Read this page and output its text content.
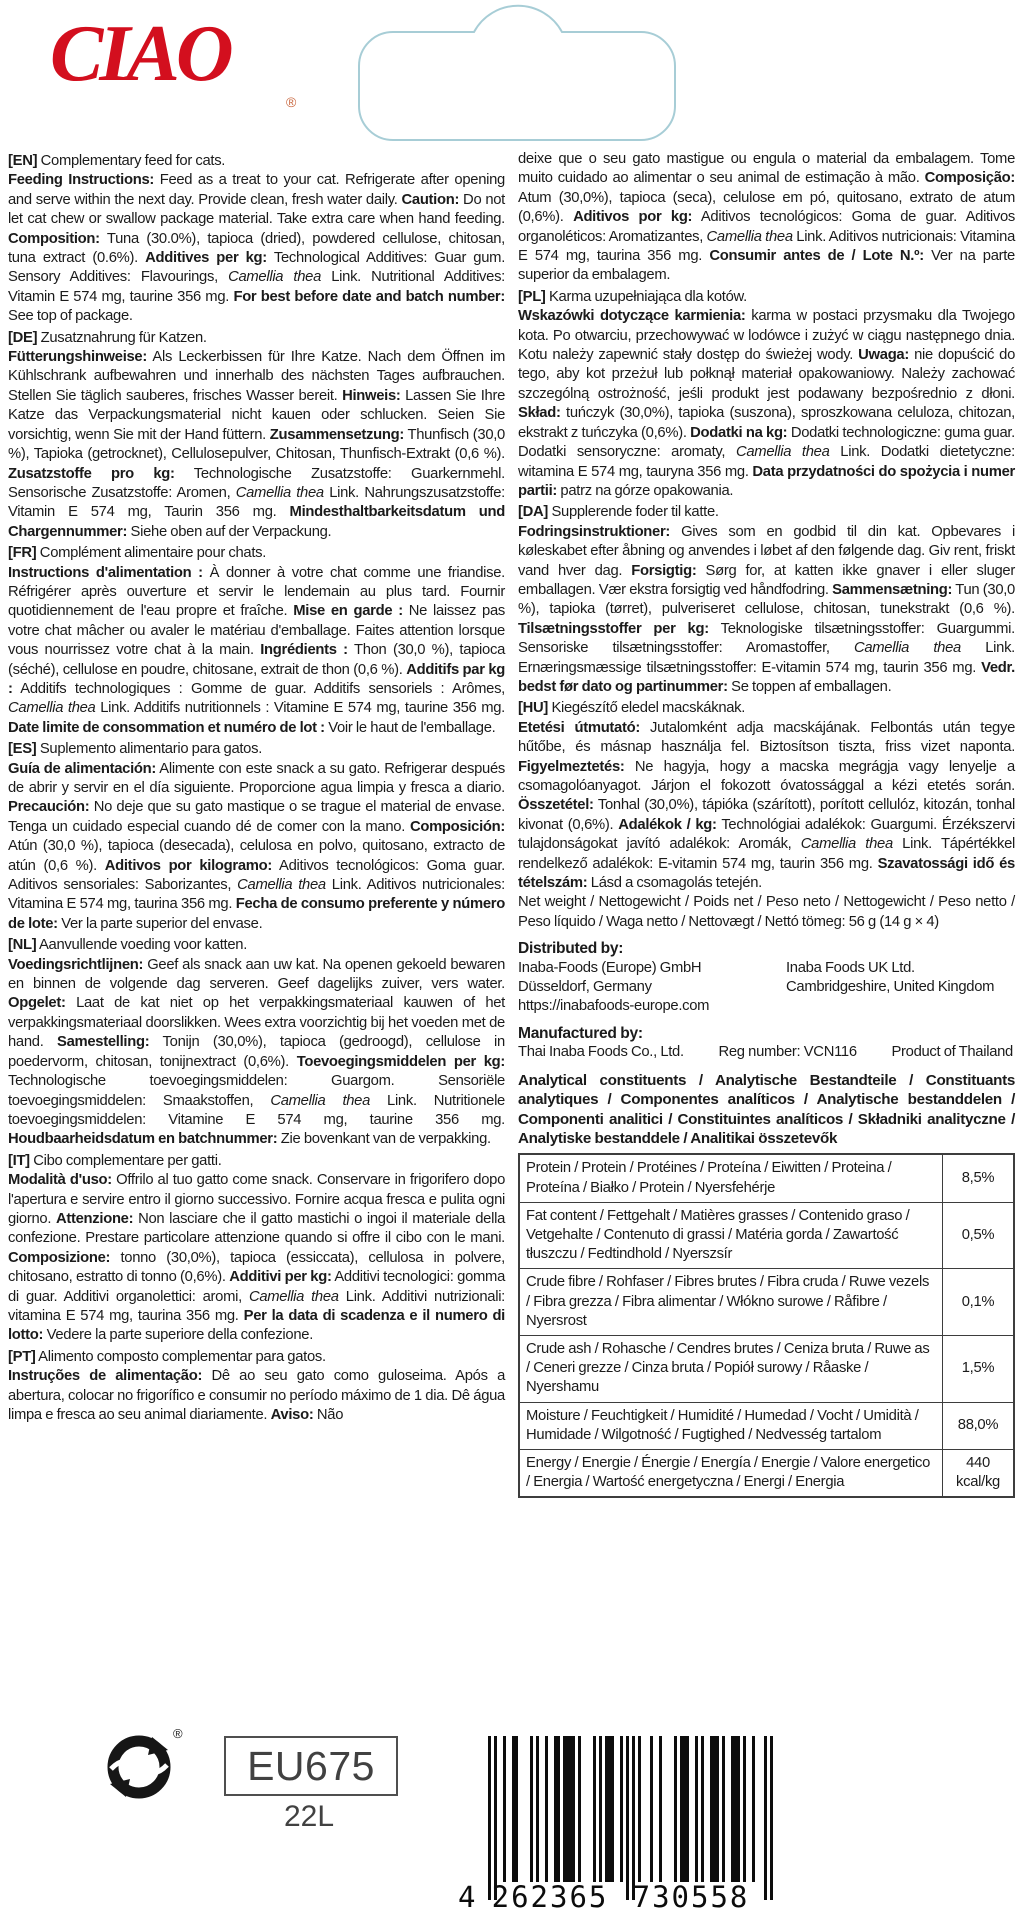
CIAO
®

[EN] Complementary feed for cats.

Feeding Instructions: Feed as a treat to your cat. Refrigerate after opening and serve within the next day. Provide clean, fresh water daily. Caution: Do not let cat chew or swallow package material. Take extra care when hand feeding. Composition: Tuna (30.0%), tapioca (dried), powdered cellulose, chitosan, tuna extract (0.6%). Additives per kg: Technological Additives: Guar gum. Sensory Additives: Flavourings, Camellia thea Link. Nutritional Additives: Vitamin E 574 mg, taurine 356 mg. For best before date and batch number: See top of package.

[DE] Zusatznahrung für Katzen.

Fütterungshinweise: Als Leckerbissen für Ihre Katze. Nach dem Öffnen im Kühlschrank aufbewahren und innerhalb des nächsten Tages aufbrauchen. Stellen Sie täglich sauberes, frisches Wasser bereit. Hinweis: Lassen Sie Ihre Katze das Verpackungsmaterial nicht kauen oder schlucken. Seien Sie vorsichtig, wenn Sie mit der Hand füttern. Zusammensetzung: Thunfisch (30,0 %), Tapioka (getrocknet), Cellulosepulver, Chitosan, Thunfisch-Extrakt (0,6 %). Zusatzstoffe pro kg: Technologische Zusatzstoffe: Guarkernmehl. Sensorische Zusatzstoffe: Aromen, Camellia thea Link. Nahrungszusatzstoffe: Vitamin E 574 mg, Taurin 356 mg. Mindesthaltbarkeitsdatum und Chargennummer: Siehe oben auf der Verpackung.

[FR] Complément alimentaire pour chats.

Instructions d'alimentation : À donner à votre chat comme une friandise. Réfrigérer après ouverture et servir le lendemain au plus tard. Fournir quotidiennement de l'eau propre et fraîche. Mise en garde : Ne laissez pas votre chat mâcher ou avaler le matériau d'emballage. Faites attention lorsque vous nourrissez votre chat à la main. Ingrédients : Thon (30,0 %), tapioca (séché), cellulose en poudre, chitosane, extrait de thon (0,6 %). Additifs par kg : Additifs technologiques : Gomme de guar. Additifs sensoriels : Arômes, Camellia thea Link. Additifs nutritionnels : Vitamine E 574 mg, taurine 356 mg. Date limite de consommation et numéro de lot : Voir le haut de l'emballage.

[ES] Suplemento alimentario para gatos.

Guía de alimentación: Alimente con este snack a su gato. Refrigerar después de abrir y servir en el día siguiente. Proporcione agua limpia y fresca a diario. Precaución: No deje que su gato mastique o se trague el material de envase. Tenga un cuidado especial cuando dé de comer con la mano. Composición: Atún (30,0 %), tapioca (desecada), celulosa en polvo, quitosano, extracto de atún (0,6 %). Aditivos por kilogramo: Aditivos tecnológicos: Goma guar. Aditivos sensoriales: Saborizantes, Camellia thea Link. Aditivos nutricionales: Vitamina E 574 mg, taurina 356 mg. Fecha de consumo preferente y número de lote: Ver la parte superior del envase.

[NL] Aanvullende voeding voor katten.

Voedingsrichtlijnen: Geef als snack aan uw kat. Na openen gekoeld bewaren en binnen de volgende dag serveren. Geef dagelijks zuiver, vers water. Opgelet: Laat de kat niet op het verpakkingsmateriaal kauwen of het verpakkingsmateriaal doorslikken. Wees extra voorzichtig bij het voeden met de hand. Samestelling: Tonijn (30,0%), tapioca (gedroogd), cellulose in poedervorm, chitosan, tonijnextract (0,6%). Toevoegingsmiddelen per kg: Technologische toevoegingsmiddelen: Guargom. Sensoriële toevoegingsmiddelen: Smaakstoffen, Camellia thea Link. Nutritionele toevoegingsmiddelen: Vitamine E 574 mg, taurine 356 mg. Houdbaarheidsdatum en batchnummer: Zie bovenkant van de verpakking.

[IT] Cibo complementare per gatti.

Modalità d'uso: Offrilo al tuo gatto come snack. Conservare in frigorifero dopo l'apertura e servire entro il giorno successivo. Fornire acqua fresca e pulita ogni giorno. Attenzione: Non lasciare che il gatto mastichi o ingoi il materiale della confezione. Prestare particolare attenzione quando si offre il cibo con le mani. Composizione: tonno (30,0%), tapioca (essiccata), cellulosa in polvere, chitosano, estratto di tonno (0,6%). Additivi per kg: Additivi tecnologici: gomma di guar. Additivi organolettici: aromi, Camellia thea Link. Additivi nutrizionali: vitamina E 574 mg, taurina 356 mg. Per la data di scadenza e il numero di lotto: Vedere la parte superiore della confezione.

[PT] Alimento composto complementar para gatos.

Instruções de alimentação: Dê ao seu gato como guloseima. Após a abertura, colocar no frigorífico e consumir no período máximo de 1 dia. Dê água limpa e fresca ao seu animal diariamente. Aviso: Não

deixe que o seu gato mastigue ou engula o material da embalagem. Tome muito cuidado ao alimentar o seu animal de estimação à mão. Composição: Atum (30,0%), tapioca (seca), celulose em pó, quitosano, extrato de atum (0,6%). Aditivos por kg: Aditivos tecnológicos: Goma de guar. Aditivos organoléticos: Aromatizantes, Camellia thea Link. Aditivos nutricionais: Vitamina E 574 mg, taurina 356 mg. Consumir antes de / Lote N.º: Ver na parte superior da embalagem.

[PL] Karma uzupełniająca dla kotów.

Wskazówki dotyczące karmienia: karma w postaci przysmaku dla Twojego kota. Po otwarciu, przechowywać w lodówce i zużyć w ciągu następnego dnia. Kotu należy zapewnić stały dostęp do świeżej wody. Uwaga: nie dopuścić do tego, aby kot przeżuł lub połknął materiał opakowaniowy. Należy zachować szczególną ostrożność, jeśli produkt jest podawany bezpośrednio z dłoni. Skład: tuńczyk (30,0%), tapioka (suszona), sproszkowana celuloza, chitozan, ekstrakt z tuńczyka (0,6%). Dodatki na kg: Dodatki technologiczne: guma guar. Dodatki sensoryczne: aromaty, Camellia thea Link. Dodatki dietetyczne: witamina E 574 mg, tauryna 356 mg. Data przydatności do spożycia i numer partii: patrz na górze opakowania.

[DA] Supplerende foder til katte.

Fodringsinstruktioner: Gives som en godbid til din kat. Opbevares i køleskabet efter åbning og anvendes i løbet af den følgende dag. Giv rent, friskt vand hver dag. Forsigtig: Sørg for, at katten ikke gnaver i eller sluger emballagen. Vær ekstra forsigtig ved håndfodring. Sammensætning: Tun (30,0 %), tapioka (tørret), pulveriseret cellulose, chitosan, tunekstrakt (0,6 %). Tilsætningsstoffer per kg: Teknologiske tilsætningsstoffer: Guargummi. Sensoriske tilsætningsstoffer: Aromastoffer, Camellia thea Link. Ernæringsmæssige tilsætningsstoffer: E-vitamin 574 mg, taurin 356 mg. Vedr. bedst før dato og partinummer: Se toppen af emballagen.

[HU] Kiegészítő eledel macskáknak.

Etetési útmutató: Jutalomként adja macskájának. Felbontás után tegye hűtőbe, és másnap használja fel. Biztosítson tiszta, friss vizet naponta. Figyelmeztetés: Ne hagyja, hogy a macska megrágja vagy lenyelje a csomagolóanyagot. Járjon el fokozott óvatossággal a kézi etetés során. Összetétel: Tonhal (30,0%), tápióka (szárított), porított cellulóz, kitozán, tonhal kivonat (0,6%). Adalékok / kg: Technológiai adalékok: Guargumi. Érzékszervi tulajdonságokat javító adalékok: Aromák, Camellia thea Link. Tápértékkel rendelkező adalékok: E-vitamin 574 mg, taurin 356 mg. Szavatossági idő és tételszám: Lásd a csomagolás tetején.

Net weight / Nettogewicht / Poids net / Peso neto / Nettogewicht / Peso netto / Peso líquido / Waga netto / Nettovægt / Nettó tömeg: 56 g (14 g × 4)

Distributed by:
Inaba-Foods (Europe) GmbH
Düsseldorf, Germany
https://inabafoods-europe.com
Inaba Foods UK Ltd.
Cambridgeshire, United Kingdom
Manufactured by:
Thai Inaba Foods Co., Ltd. Reg number: VCN116 Product of Thailand
Analytical constituents / Analytische Bestandteile / Constituants analytiques / Componentes analíticos / Analytische bestanddelen / Componenti analitici / Constituintes analíticos / Składniki analityczne / Analytiske bestanddele / Analitikai összetevők
Protein / Protein / Protéines / Proteína / Eiwitten / Proteina / Proteína / Białko / Protein / Nyersfehérje	8,5%

Fat content / Fettgehalt / Matières grasses / Contenido graso / Vetgehalte / Contenuto di grassi / Matéria gorda / Zawartość tłuszczu / Fedtindhold / Nyerszsír	0,5%

Crude fibre / Rohfaser / Fibres brutes / Fibra cruda / Ruwe vezels / Fibra grezza / Fibra alimentar / Włókno surowe / Råfibre / Nyersrost	0,1%

Crude ash / Rohasche / Cendres brutes / Ceniza bruta / Ruwe as / Ceneri grezze / Cinza bruta / Popiół surowy / Råaske / Nyershamu	1,5%

Moisture / Feuchtigkeit / Humidité / Humedad / Vocht / Umidità / Humidade / Wilgotność / Fugtighed / Nedvesség tartalom	88,0%

Energy / Energie / Énergie / Energía / Energie / Valore energetico / Energia / Wartość energetyczna / Energi / Energia	440
kcal/kg
®
EU675
22L
4 262365 730558
